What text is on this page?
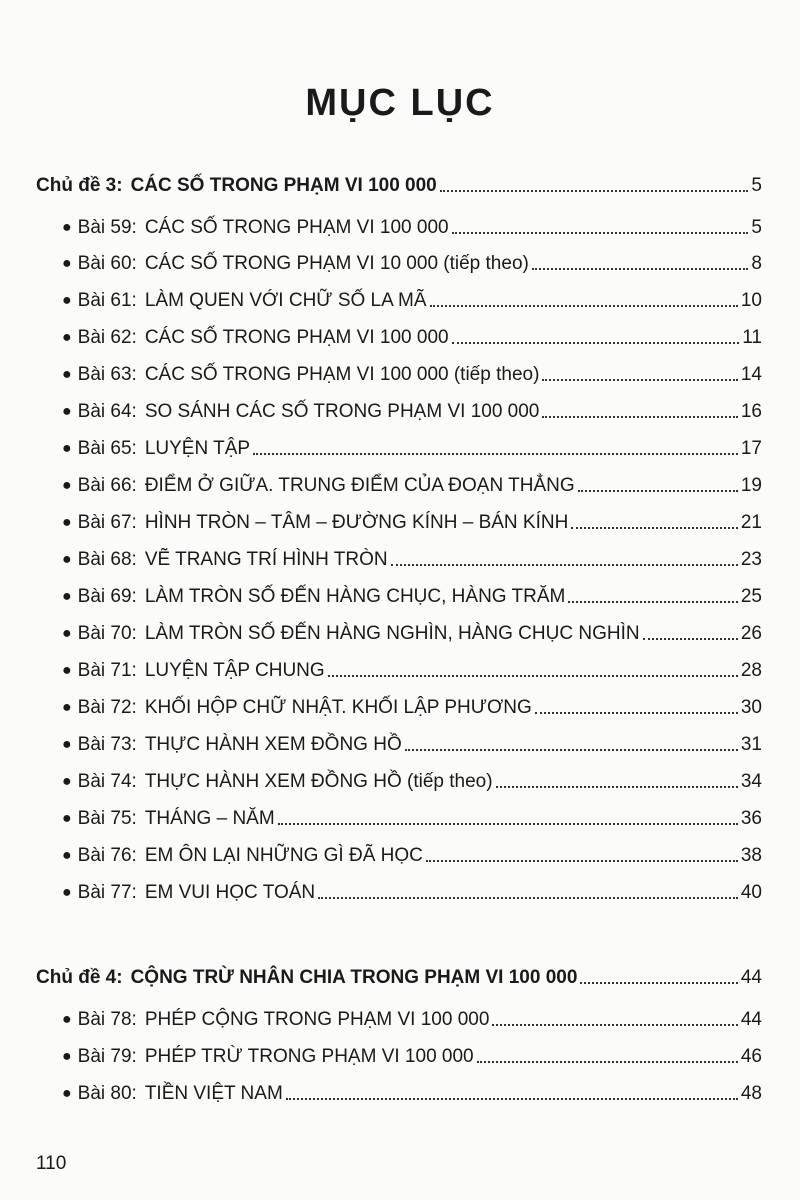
MỤC LỤC
Chủ đề 3: CÁC SỐ TRONG PHẠM VI 100 000	5
● Bài 59: CÁC SỐ TRONG PHẠM VI 100 000	5
● Bài 60: CÁC SỐ TRONG PHẠM VI 10 000 (tiếp theo)	8
● Bài 61: LÀM QUEN VỚI CHỮ SỐ LA MÃ	10
● Bài 62: CÁC SỐ TRONG PHẠM VI 100 000	11
● Bài 63: CÁC SỐ TRONG PHẠM VI 100 000 (tiếp theo)	14
● Bài 64: SO SÁNH CÁC SỐ TRONG PHẠM VI 100 000	16
● Bài 65: LUYỆN TẬP	17
● Bài 66: ĐIỂM Ở GIỮA. TRUNG ĐIỂM CỦA ĐOẠN THẲNG	19
● Bài 67: HÌNH TRÒN – TÂM – ĐƯỜNG KÍNH – BÁN KÍNH	21
● Bài 68: VẼ TRANG TRÍ HÌNH TRÒN	23
● Bài 69: LÀM TRÒN SỐ ĐẾN HÀNG CHỤC, HÀNG TRĂM	25
● Bài 70: LÀM TRÒN SỐ ĐẾN HÀNG NGHÌN, HÀNG CHỤC NGHÌN	26
● Bài 71: LUYỆN TẬP CHUNG	28
● Bài 72: KHỐI HỘP CHỮ NHẬT. KHỐI LẬP PHƯƠNG	30
● Bài 73: THỰC HÀNH XEM ĐỒNG HỒ	31
● Bài 74: THỰC HÀNH XEM ĐỒNG HỒ (tiếp theo)	34
● Bài 75: THÁNG – NĂM	36
● Bài 76: EM ÔN LẠI NHỮNG GÌ ĐÃ HỌC	38
● Bài 77: EM VUI HỌC TOÁN	40
Chủ đề 4: CỘNG TRỪ NHÂN CHIA TRONG PHẠM VI 100 000	44
● Bài 78: PHÉP CỘNG TRONG PHẠM VI 100 000	44
● Bài 79: PHÉP TRỪ TRONG PHẠM VI 100 000	46
● Bài 80: TIỀN VIỆT NAM	48
110
